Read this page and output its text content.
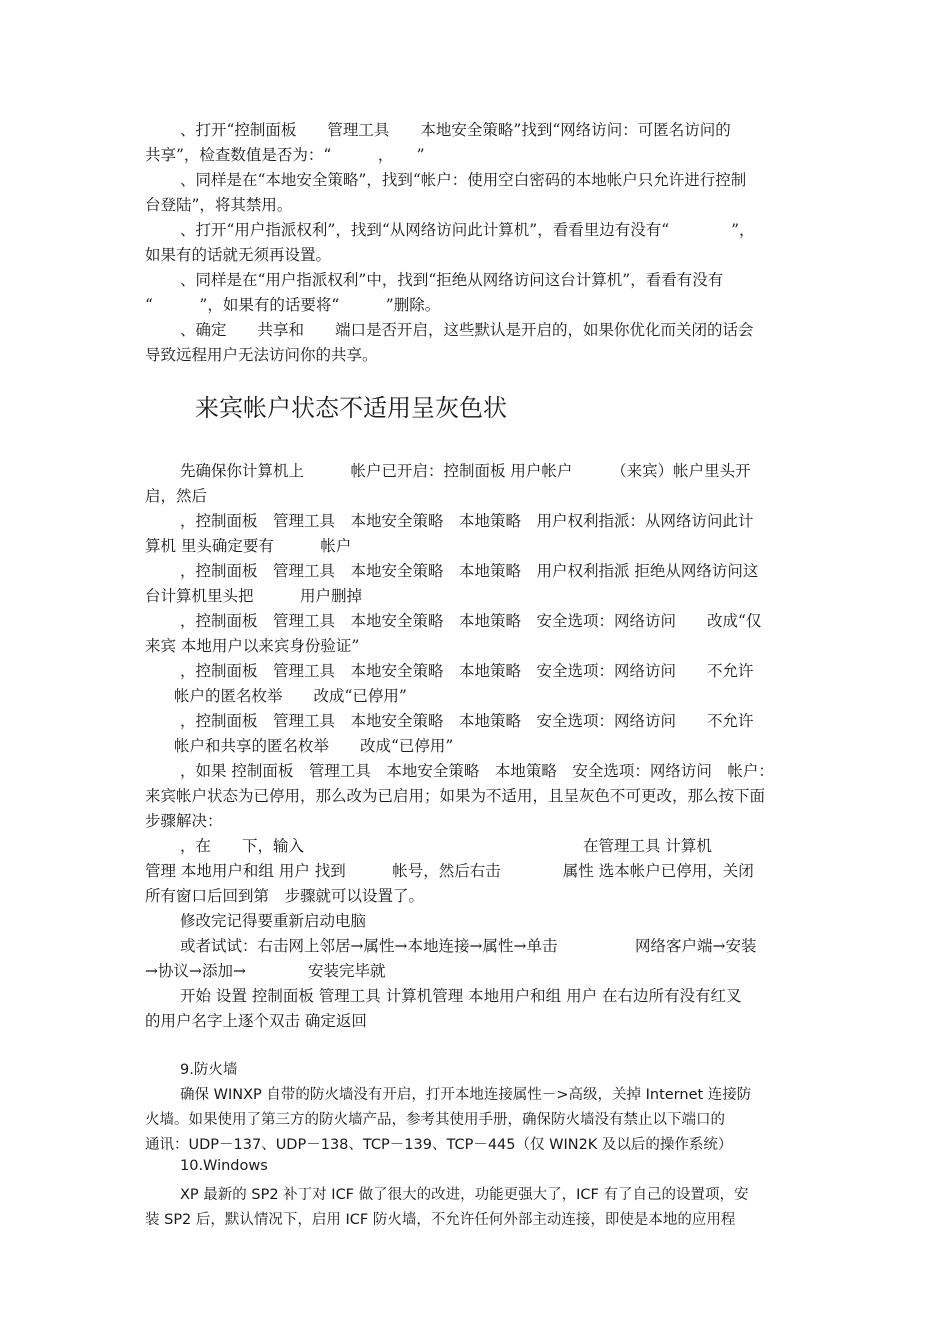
、打开“控制面板　　管理工具　　本地安全策略”找到“网络访问：可匿名访问的
共享”，检查数值是否为：“　　　，　　”
、同样是在“本地安全策略”，找到“帐户：使用空白密码的本地帐户只允许进行控制
台登陆”，将其禁用。
、打开“用户指派权利”，找到“从网络访问此计算机”，看看里边有没有“　　　　”，
如果有的话就无须再设置。
、同样是在“用户指派权利”中，找到“拒绝从网络访问这台计算机”，看看有没有
“　　　”，如果有的话要将“　　　”删除。
、确定　　共享和　　端口是否开启，这些默认是开启的，如果你优化而关闭的话会
导致远程用户无法访问你的共享。
来宾帐户状态不适用呈灰色状
先确保你计算机上　　　帐户已开启：控制面板 用户帐户　　　（来宾）帐户里头开
启，然后
，控制面板　管理工具　本地安全策略　本地策略　用户权利指派：从网络访问此计
算机 里头确定要有　　　帐户
，控制面板　管理工具　本地安全策略　本地策略　用户权利指派 拒绝从网络访问这
台计算机里头把　　　用户删掉
，控制面板　管理工具　本地安全策略　本地策略　安全选项：网络访问　　改成“仅
来宾 本地用户以来宾身份验证”
，控制面板　管理工具　本地安全策略　本地策略　安全选项：网络访问　　不允许
帐户的匿名枚举　　改成“已停用”
，控制面板　管理工具　本地安全策略　本地策略　安全选项：网络访问　　不允许
帐户和共享的匿名枚举　　改成“已停用”
，如果 控制面板　管理工具　本地安全策略　本地策略　安全选项：网络访问　帐户：
来宾帐户状态为已停用，那么改为已启用；如果为不适用，且呈灰色不可更改，那么按下面
步骤解决：
，在　　下，输入　　　　　　　　　　　　　　　　　　在管理工具 计算机
管理 本地用户和组 用户 找到　　　帐号，然后右击　　　　属性 选本帐户已停用，关闭
所有窗口后回到第　步骤就可以设置了。
修改完记得要重新启动电脑
或者试试：右击网上邻居→属性→本地连接→属性→单击　　　　　网络客户端→安装
→协议→添加→　　　　安装完毕就
开始 设置 控制面板 管理工具 计算机管理 本地用户和组 用户 在右边所有没有红叉
的用户名字上逐个双击 确定返回
9.防火墙
确保 WINXP 自带的防火墙没有开启，打开本地连接属性－>高级，关掉 Internet 连接防
火墙。如果使用了第三方的防火墙产品，参考其使用手册，确保防火墙没有禁止以下端口的
通讯：UDP－137、UDP－138、TCP－139、TCP－445（仅 WIN2K 及以后的操作系统）
10.Windows
XP 最新的 SP2 补丁对 ICF 做了很大的改进，功能更强大了，ICF 有了自己的设置项，安
装 SP2 后，默认情况下，启用 ICF 防火墙，不允许任何外部主动连接，即使是本地的应用程
